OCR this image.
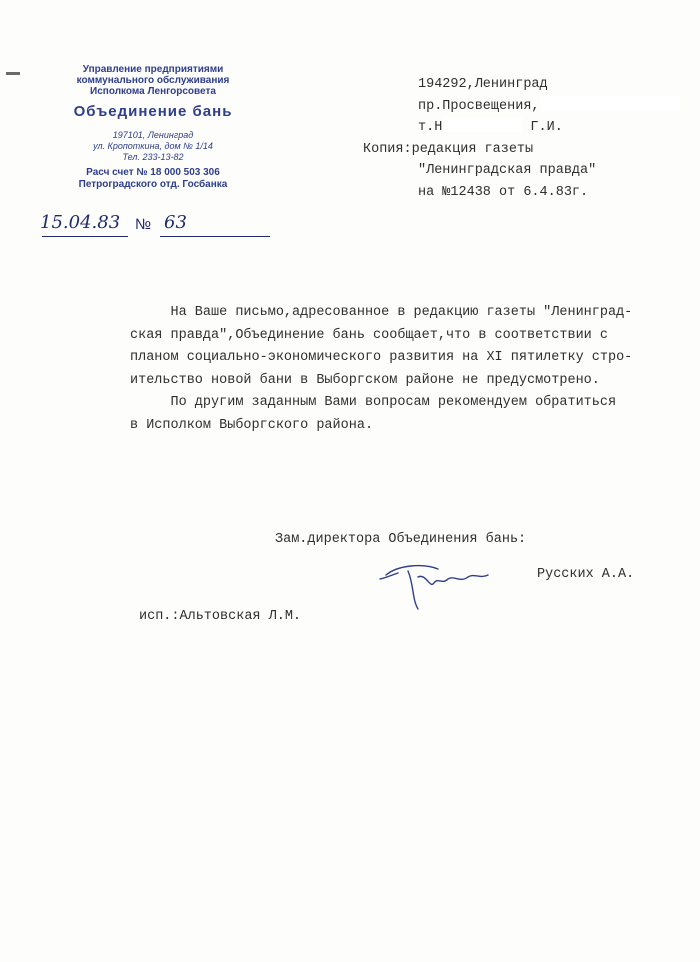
Управление предприятиями
коммунального обслуживания
Исполкома Ленгорсовета
Объединение бань
197101, Ленинград
ул. Кропоткина, дом № 1/14
Тел. 233-13-82
Расч счет № 18 000 503 306
Петроградского отд. Госбанка
15.04.83 № 63
194292,Ленинград
пр.Просвещения,
т.Н	Г.И.
Копия:редакция газеты
"Ленинградская правда"
на №12438 от 6.4.83г.
На Ваше письмо,адресованное в редакцию газеты "Ленинград-
ская правда",Объединение бань сообщает,что в соответствии с
планом социально-экономического развития на XI пятилетку стро-
ительство новой бани в Выборгском районе не предусмотрено.
По другим заданным Вами вопросам рекомендуем обратиться
в Исполком Выборгского района.
Зам.директора Объединения бань:
Русских А.А.
исп.:Альтовская Л.М.
